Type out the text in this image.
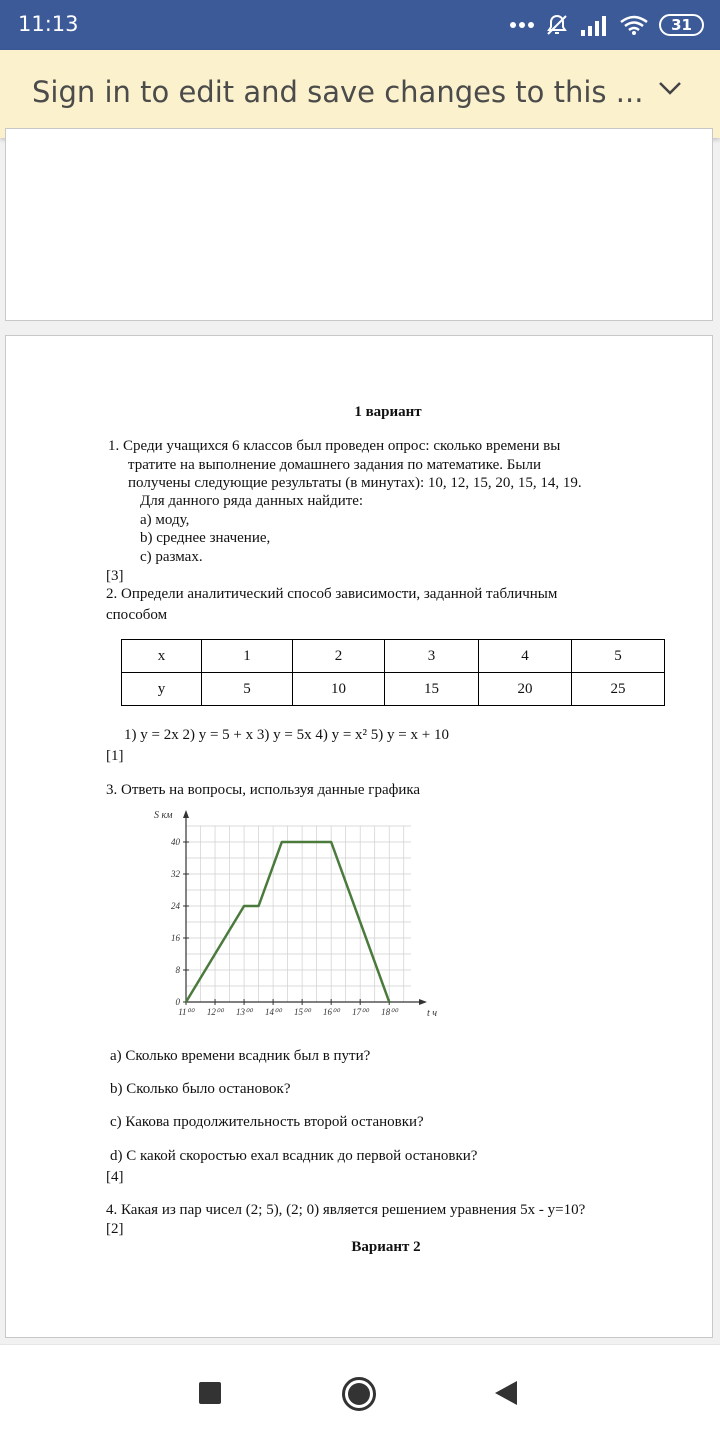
11:13	31
Sign in to edit and save changes to this ...
1 вариант
1. Среди учащихся 6 классов был проведен опрос: сколько времени вы
тратите на выполнение домашнего задания по математике. Были
получены следующие результаты (в минутах): 10, 12, 15, 20, 15, 14, 19.
Для данного ряда данных найдите:
а) моду,
b) среднее значение,
c) размах.
[3]
2. Определи аналитический способ зависимости, заданной табличным
способом
x	1	2	3	4	5
y	5	10	15	20	25
1) y = 2x 2) y = 5 + x 3) y = 5x 4) y = x² 5) y = x + 10
[1]
3. Ответь на вопросы, используя данные графика
S км
t ч
0
8
16
24
32
40
11⁰⁰ 12⁰⁰ 13⁰⁰ 14⁰⁰ 15⁰⁰ 16⁰⁰ 17⁰⁰ 18⁰⁰
а) Сколько времени всадник был в пути?
b) Сколько было остановок?
c) Какова продолжительность второй остановки?
d) С какой скоростью ехал всадник до первой остановки?
[4]
4. Какая из пар чисел (2; 5), (2; 0) является решением уравнения 5x - y=10?
[2]
Вариант 2
